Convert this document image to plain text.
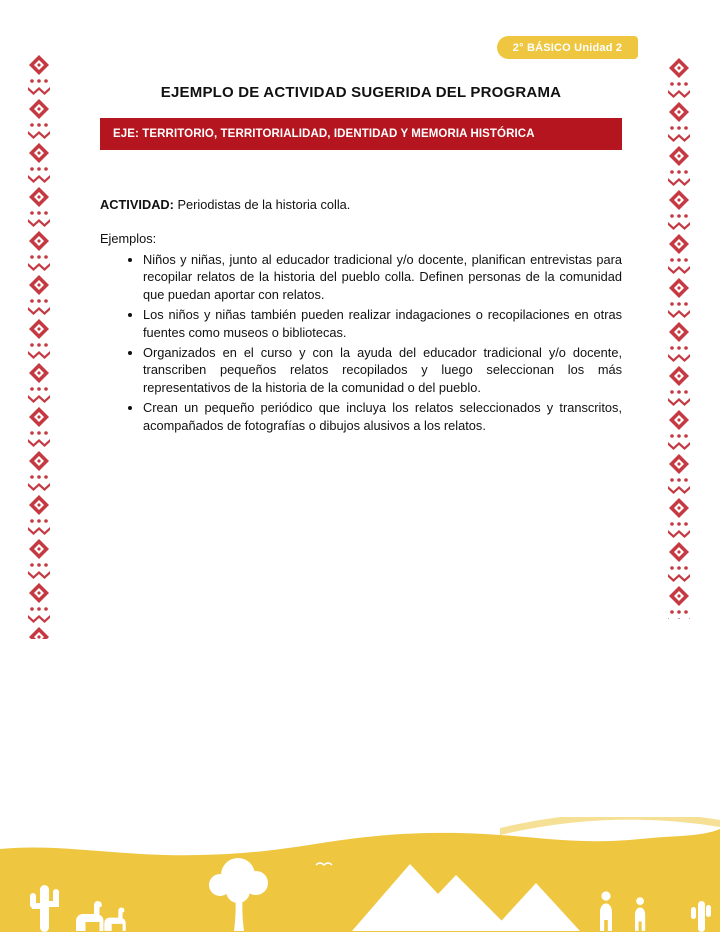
2° BÁSICO Unidad 2
EJEMPLO DE ACTIVIDAD SUGERIDA DEL PROGRAMA
EJE: TERRITORIO, TERRITORIALIDAD, IDENTIDAD Y MEMORIA HISTÓRICA
ACTIVIDAD: Periodistas de la historia colla.
Ejemplos:
• Niños y niñas, junto al educador tradicional y/o docente, planifican entrevistas para recopilar relatos de la historia del pueblo colla. Definen personas de la comunidad que puedan aportar con relatos.
• Los niños y niñas también pueden realizar indagaciones o recopilaciones en otras fuentes como museos o bibliotecas.
• Organizados en el curso y con la ayuda del educador tradicional y/o docente, transcriben pequeños relatos recopilados y luego seleccionan los más representativos de la historia de la comunidad o del pueblo.
• Crean un pequeño periódico que incluya los relatos seleccionados y transcritos, acompañados de fotografías o dibujos alusivos a los relatos.
